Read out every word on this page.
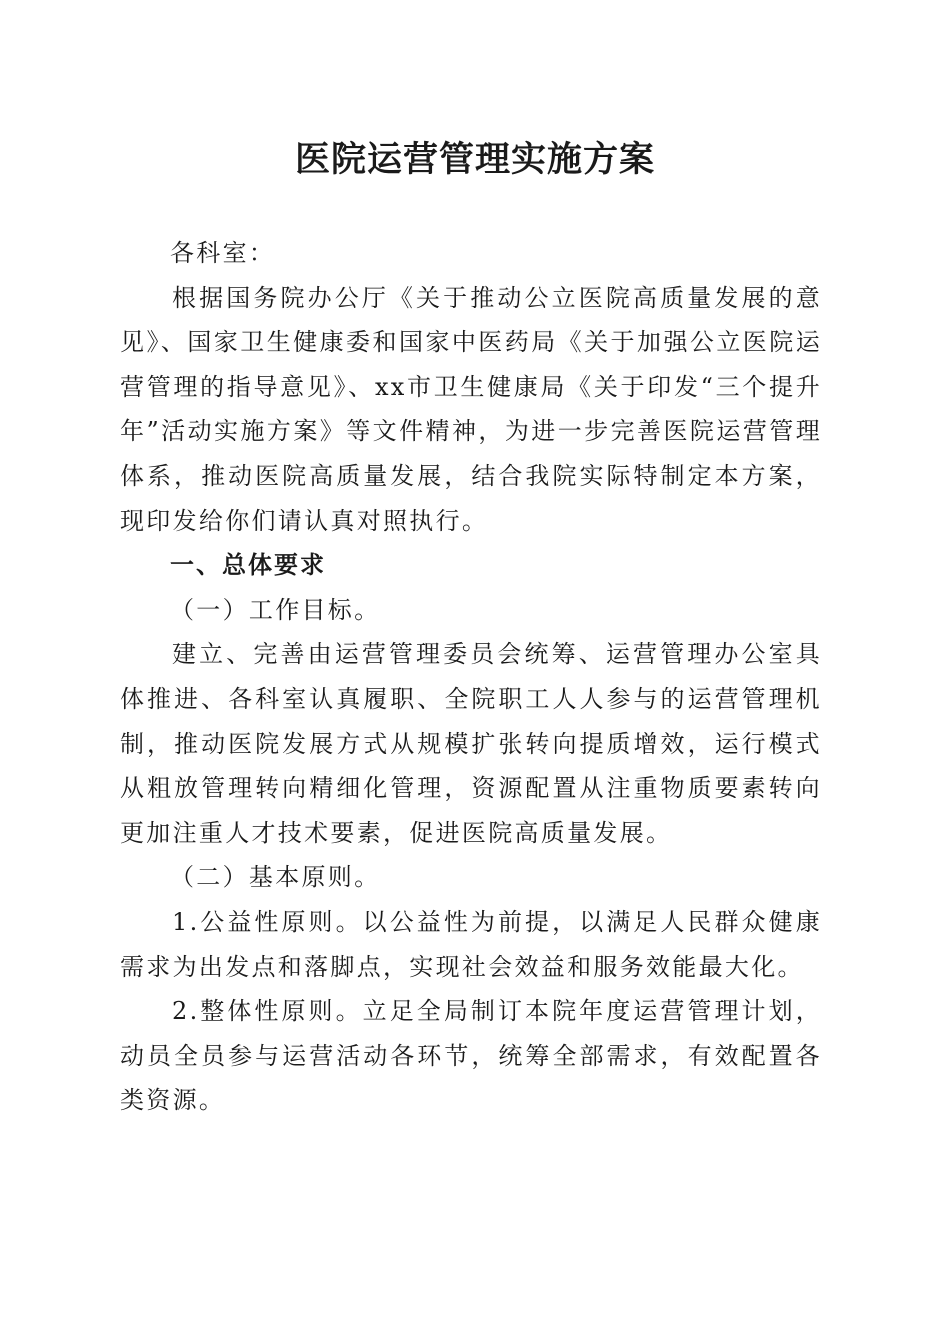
医院运营管理实施方案

各科室：

根据国务院办公厅《关于推动公立医院高质量发展的意见》、国家卫生健康委和国家中医药局《关于加强公立医院运营管理的指导意见》、xx市卫生健康局《关于印发“三个提升年”活动实施方案》等文件精神，为进一步完善医院运营管理体系，推动医院高质量发展，结合我院实际特制定本方案，现印发给你们请认真对照执行。

一、总体要求

（一）工作目标。

建立、完善由运营管理委员会统筹、运营管理办公室具体推进、各科室认真履职、全院职工人人参与的运营管理机制，推动医院发展方式从规模扩张转向提质增效，运行模式从粗放管理转向精细化管理，资源配置从注重物质要素转向更加注重人才技术要素，促进医院高质量发展。

（二）基本原则。

1.公益性原则。以公益性为前提，以满足人民群众健康需求为出发点和落脚点，实现社会效益和服务效能最大化。

2.整体性原则。立足全局制订本院年度运营管理计划，动员全员参与运营活动各环节，统筹全部需求，有效配置各类资源。
